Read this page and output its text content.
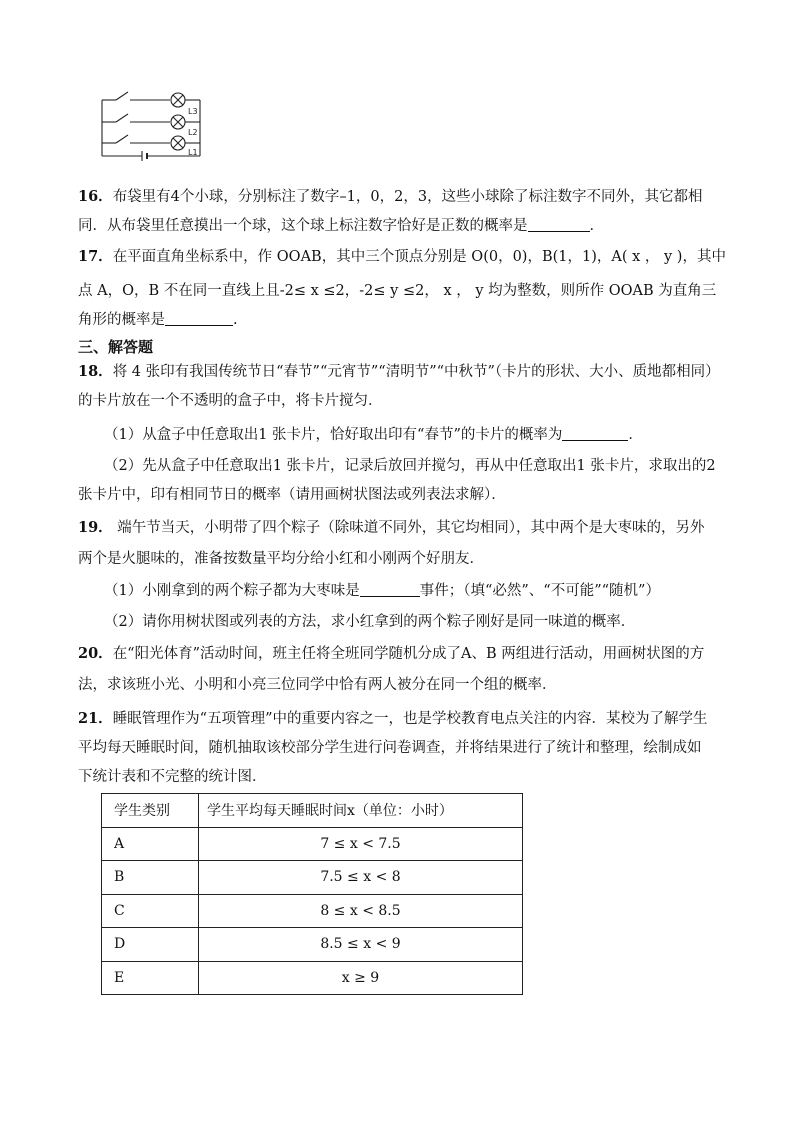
L3
L2
L1
16．布袋里有4个小球，分别标注了数字–1，0，2，3，这些小球除了标注数字不同外，其它都相
同．从布袋里任意摸出一个球，这个球上标注数字恰好是正数的概率是	．
17．在平面直角坐标系中，作 OOAB，其中三个顶点分别是 O(0，0)，B(1，1)，A( x ， y )，其中
点 A，O，B 不在同一直线上且-2≤ x ≤2，-2≤ y ≤2， x ， y 均为整数，则所作 OOAB 为直角三
角形的概率是	.
三、解答题
18．将 4 张印有我国传统节日“春节”“元宵节”“清明节”“中秋节”（卡片的形状、大小、质地都相同）
的卡片放在一个不透明的盒子中，将卡片搅匀．
（1）从盒子中任意取出1 张卡片，恰好取出印有“春节”的卡片的概率为	．
（2）先从盒子中任意取出1 张卡片，记录后放回并搅匀，再从中任意取出1 张卡片，求取出的2
张卡片中，印有相同节日的概率（请用画树状图法或列表法求解）．
19． 端午节当天，小明带了四个粽子（除味道不同外，其它均相同），其中两个是大枣味的，另外
两个是火腿味的，准备按数量平均分给小红和小刚两个好朋友．
（1）小刚拿到的两个粽子都为大枣味是	事件；（填“必然”、“不可能”“随机”）
（2）请你用树状图或列表的方法，求小红拿到的两个粽子刚好是同一味道的概率．
20．在“阳光体育”活动时间，班主任将全班同学随机分成了A、B 两组进行活动，用画树状图的方
法，求该班小光、小明和小亮三位同学中恰有两人被分在同一个组的概率．
21．睡眠管理作为“五项管理”中的重要内容之一，也是学校教育电点关注的内容．某校为了解学生
平均每天睡眠时间，随机抽取该校部分学生进行问卷调查，并将结果进行了统计和整理，绘制成如
下统计表和不完整的统计图．
学生类别	学生平均每天睡眠时间x（单位：小时）
A	7 ≤ x < 7.5
B	7.5 ≤ x < 8
C	8 ≤ x < 8.5
D	8.5 ≤ x < 9
E	x ≥ 9
